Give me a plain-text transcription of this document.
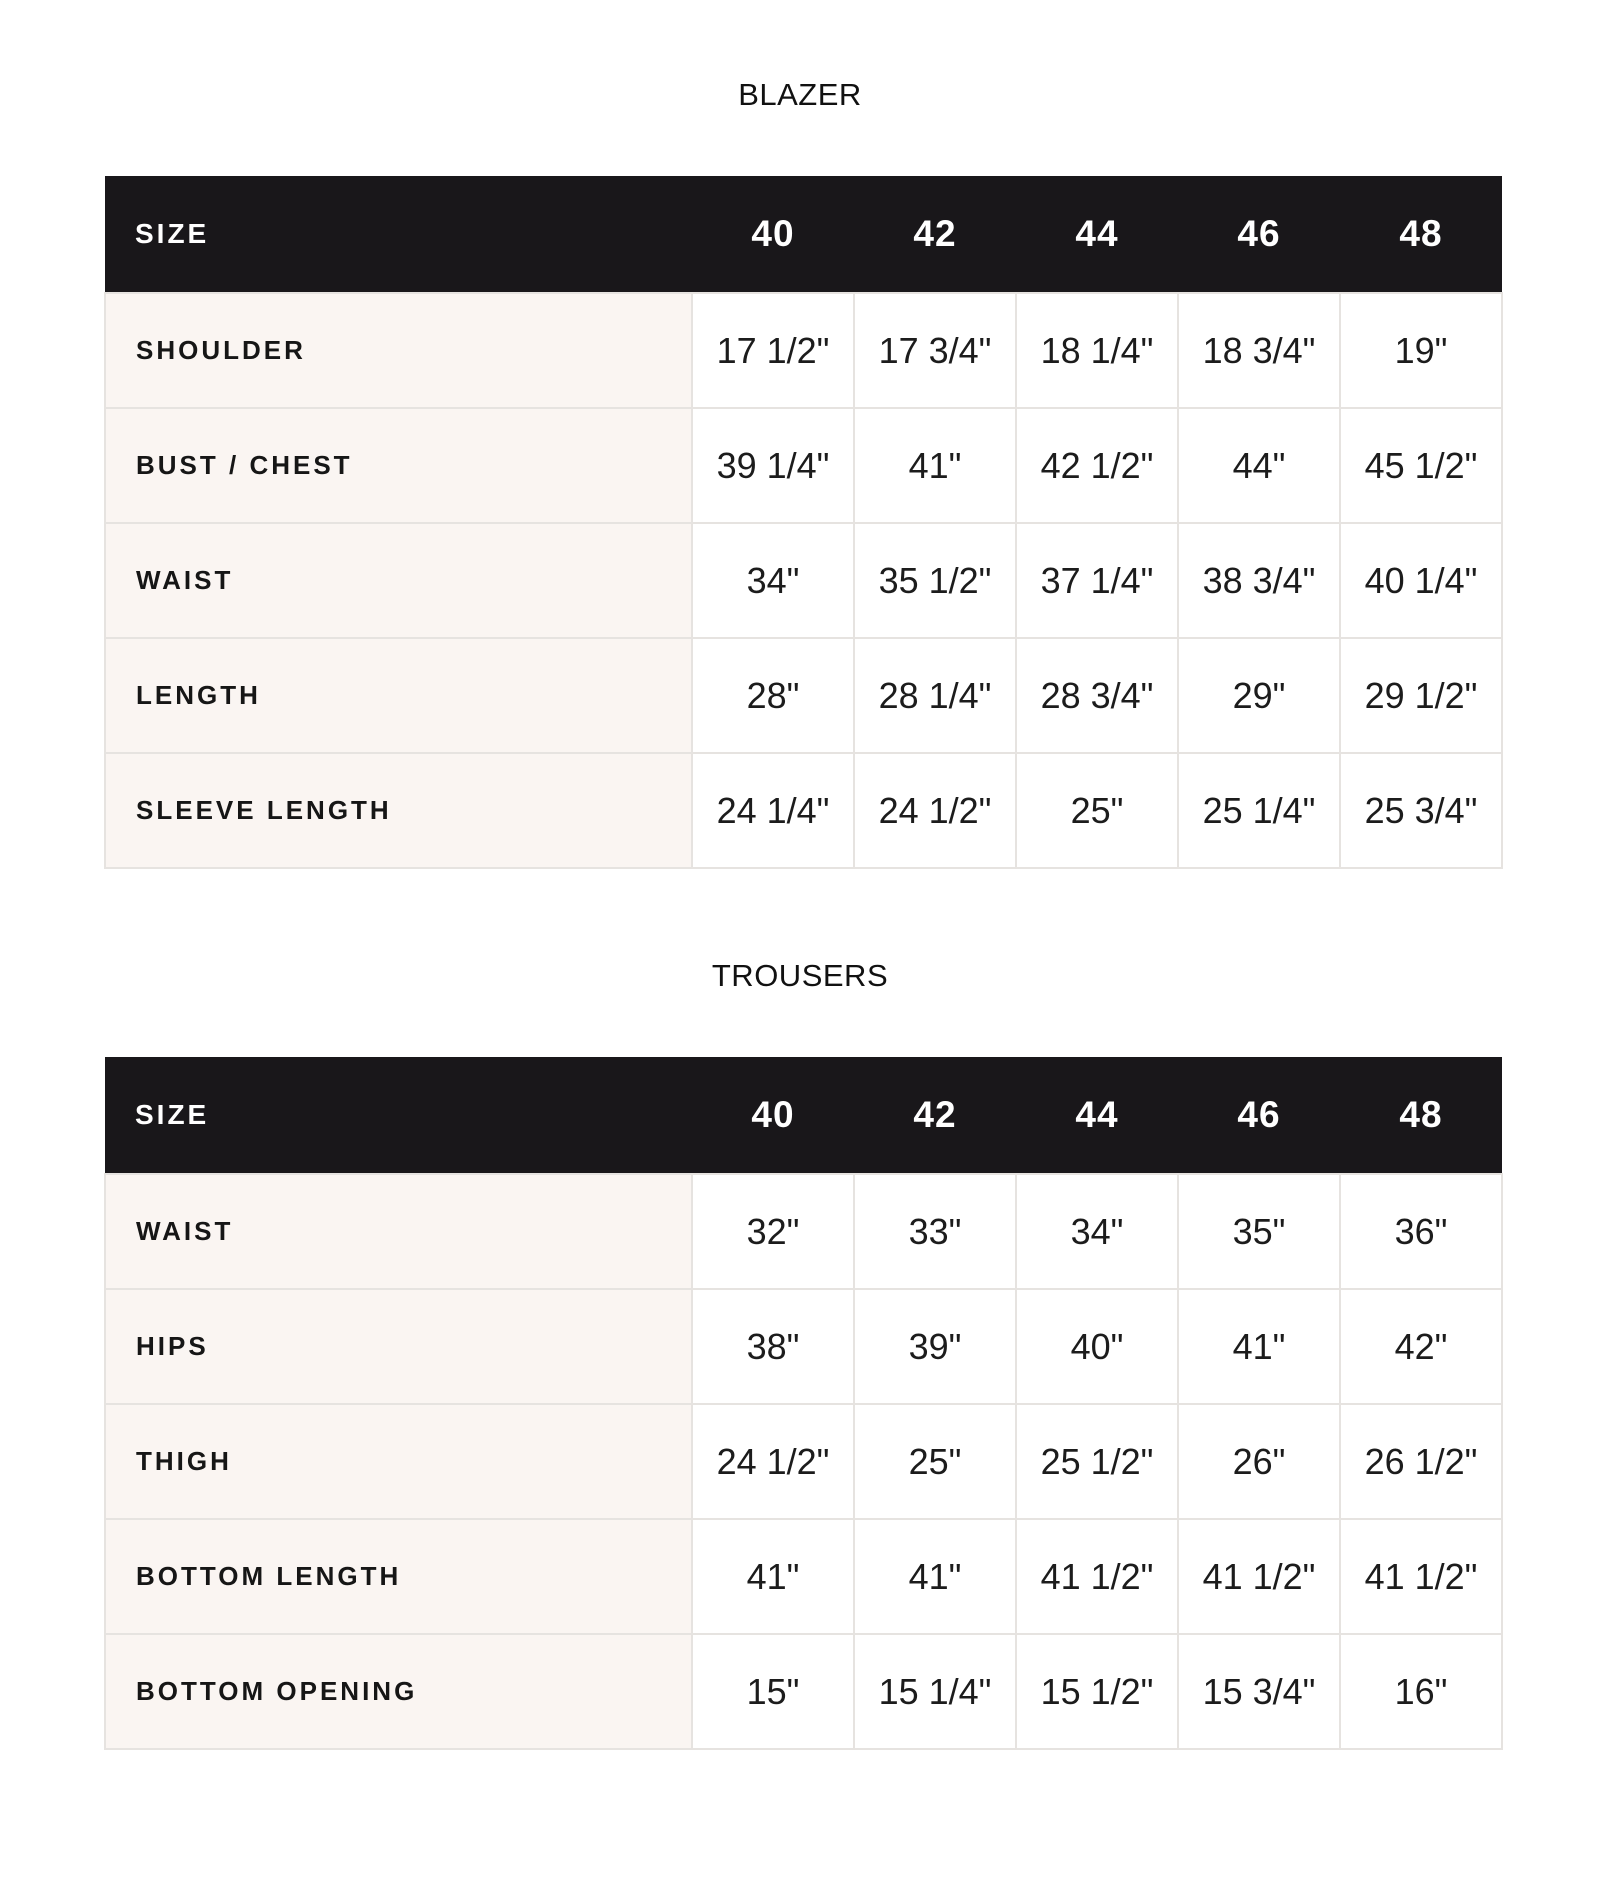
BLAZER
SIZE	40	42	44	46	48
SHOULDER	17 1/2"	17 3/4"	18 1/4"	18 3/4"	19"
BUST / CHEST	39 1/4"	41"	42 1/2"	44"	45 1/2"
WAIST	34"	35 1/2"	37 1/4"	38 3/4"	40 1/4"
LENGTH	28"	28 1/4"	28 3/4"	29"	29 1/2"
SLEEVE LENGTH	24 1/4"	24 1/2"	25"	25 1/4"	25 3/4"
TROUSERS
SIZE	40	42	44	46	48
WAIST	32"	33"	34"	35"	36"
HIPS	38"	39"	40"	41"	42"
THIGH	24 1/2"	25"	25 1/2"	26"	26 1/2"
BOTTOM LENGTH	41"	41"	41 1/2"	41 1/2"	41 1/2"
BOTTOM OPENING	15"	15 1/4"	15 1/2"	15 3/4"	16"
